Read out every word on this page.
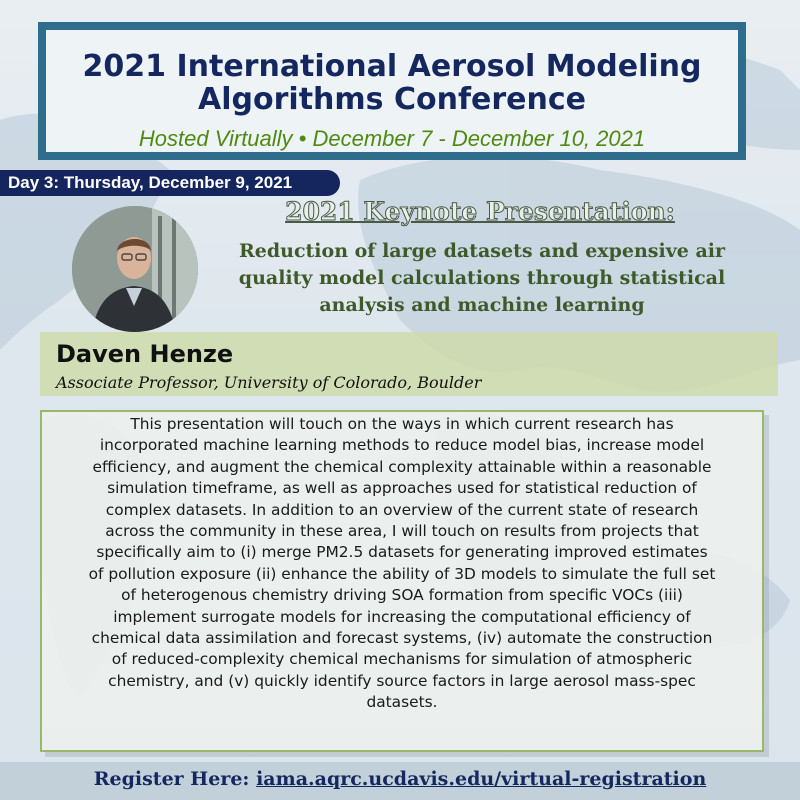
2021 International Aerosol Modeling
Algorithms Conference
Hosted Virtually • December 7 - December 10, 2021
Day 3: Thursday, December 9, 2021
2021 Keynote Presentation:
Reduction of large datasets and expensive air
quality model calculations through statistical
analysis and machine learning
Daven Henze
Associate Professor, University of Colorado, Boulder
This presentation will touch on the ways in which current research has
incorporated machine learning methods to reduce model bias, increase model
efficiency, and augment the chemical complexity attainable within a reasonable
simulation timeframe, as well as approaches used for statistical reduction of
complex datasets. In addition to an overview of the current state of research
across the community in these area, I will touch on results from projects that
specifically aim to (i) merge PM2.5 datasets for generating improved estimates
of pollution exposure (ii) enhance the ability of 3D models to simulate the full set
of heterogenous chemistry driving SOA formation from specific VOCs (iii)
implement surrogate models for increasing the computational efficiency of
chemical data assimilation and forecast systems, (iv) automate the construction
of reduced-complexity chemical mechanisms for simulation of atmospheric
chemistry, and (v) quickly identify source factors in large aerosol mass-spec
datasets.
Register Here: iama.aqrc.ucdavis.edu/virtual-registration
